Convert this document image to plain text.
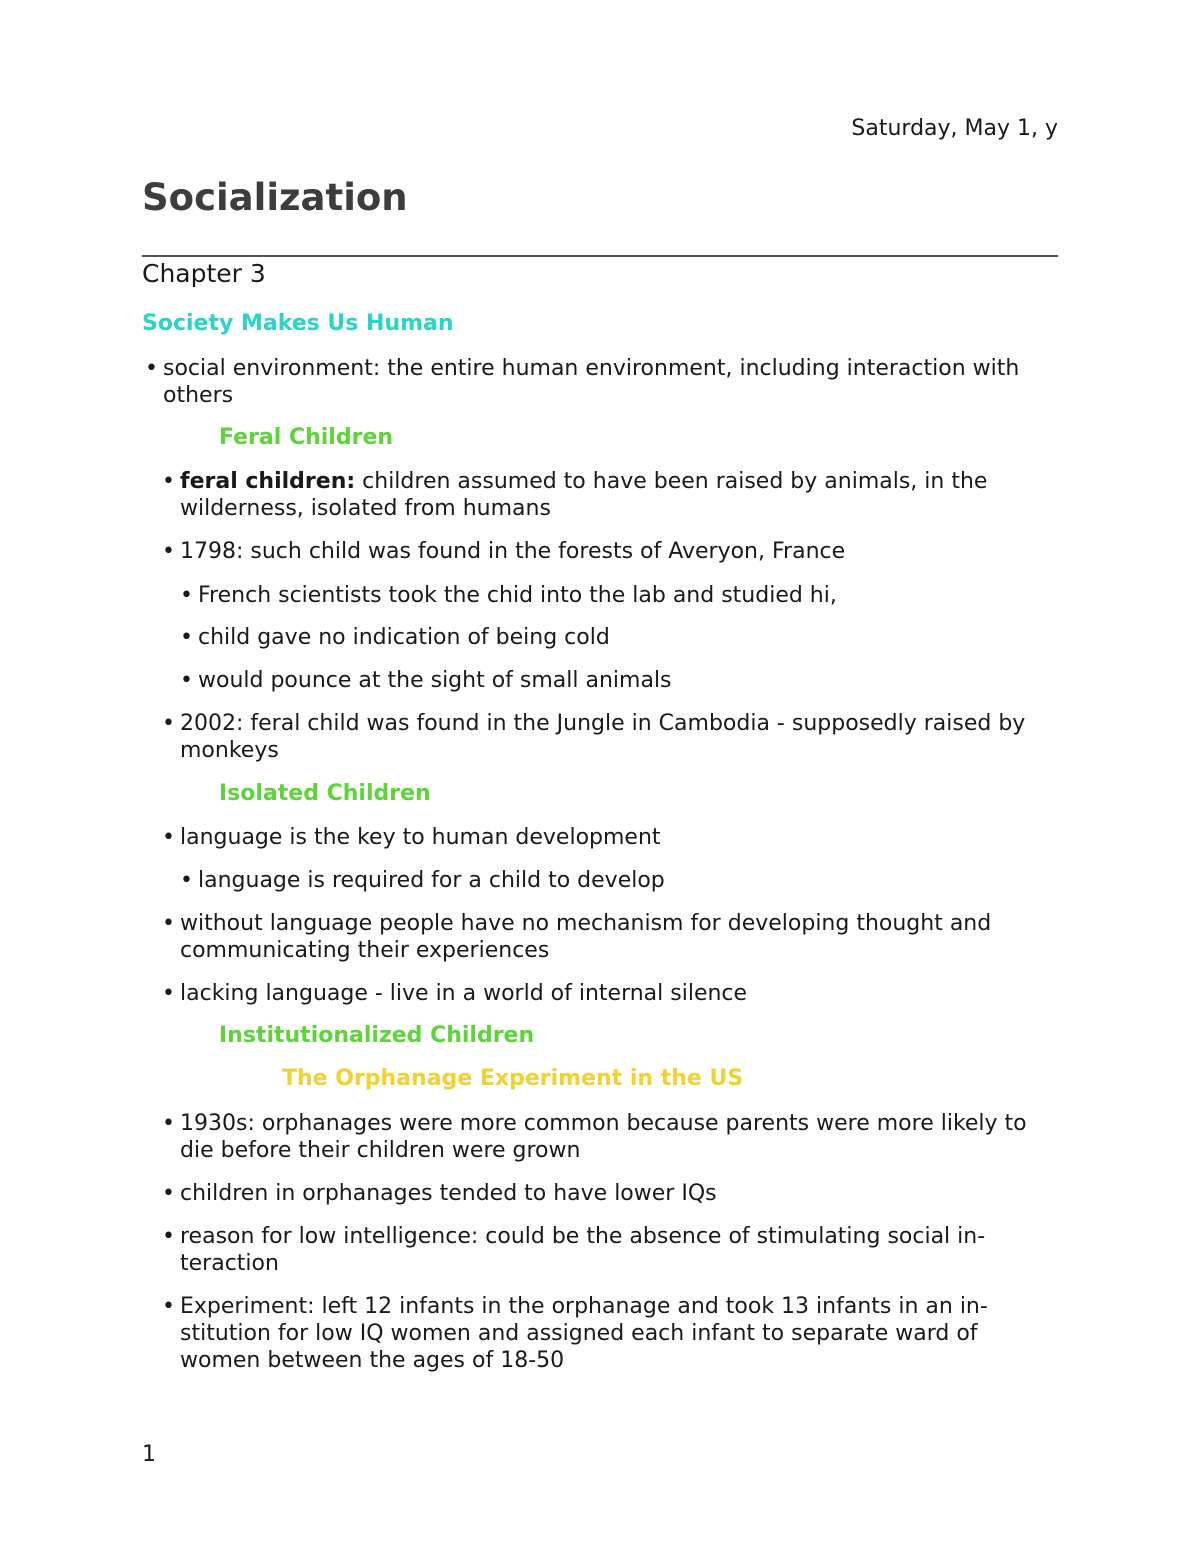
Saturday, May 1, y
Socialization
Chapter 3
Society Makes Us Human
• social environment: the entire human environment, including interaction with others
Feral Children
• feral children: children assumed to have been raised by animals, in the wilderness, isolated from humans
• 1798: such child was found in the forests of Averyon, France
• French scientists took the chid into the lab and studied hi,
• child gave no indication of being cold
• would pounce at the sight of small animals
• 2002: feral child was found in the Jungle in Cambodia - supposedly raised by monkeys
Isolated Children
• language is the key to human development
• language is required for a child to develop
• without language people have no mechanism for developing thought and communicating their experiences
• lacking language - live in a world of internal silence
Institutionalized Children
The Orphanage Experiment in the US
• 1930s: orphanages were more common because parents were more likely to die before their children were grown
• children in orphanages tended to have lower IQs
• reason for low intelligence: could be the absence of stimulating social in-teraction
• Experiment: left 12 infants in the orphanage and took 13 infants in an in-stitution for low IQ women and assigned each infant to separate ward of women between the ages of 18-50
1
